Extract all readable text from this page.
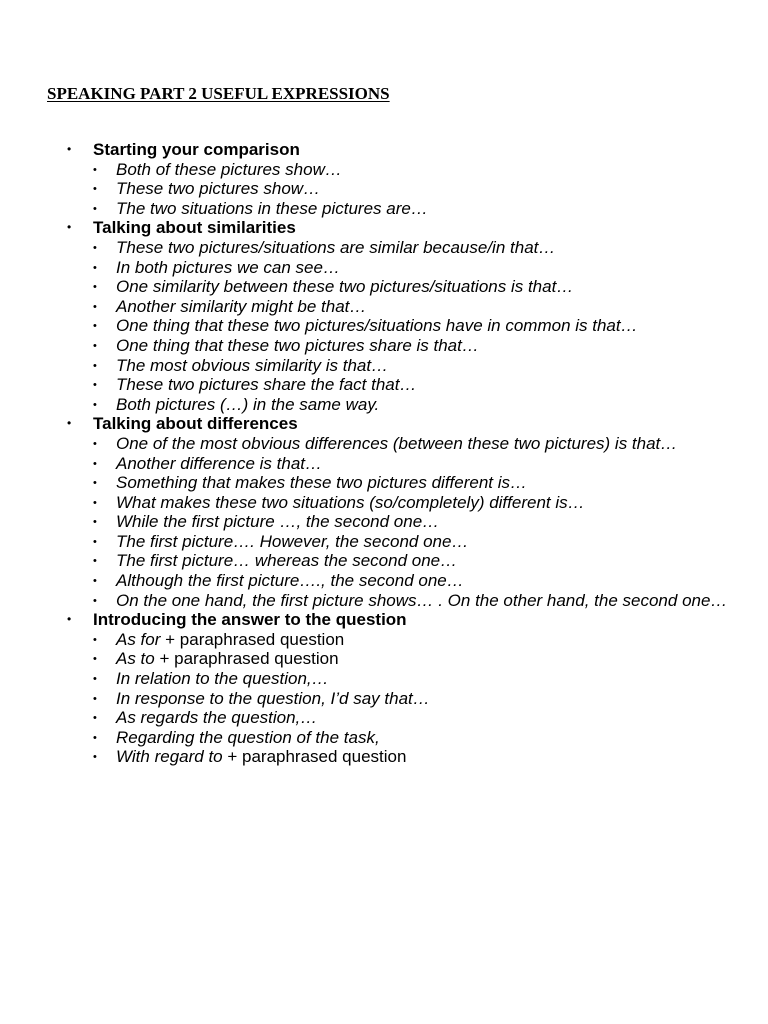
SPEAKING PART 2 USEFUL EXPRESSIONS
• Starting your comparison
• Both of these pictures show…
• These two pictures show…
• The two situations in these pictures are…
• Talking about similarities
• These two pictures/situations are similar because/in that…
• In both pictures we can see…
• One similarity between these two pictures/situations is that…
• Another similarity might be that…
• One thing that these two pictures/situations have in common is that…
• One thing that these two pictures share is that…
• The most obvious similarity is that…
• These two pictures share the fact that…
• Both pictures (…) in the same way.
• Talking about differences
• One of the most obvious differences (between these two pictures) is that…
• Another difference is that…
• Something that makes these two pictures different is…
• What makes these two situations (so/completely) different is…
• While the first picture …, the second one…
• The first picture…. However, the second one…
• The first picture… whereas the second one…
• Although the first picture…., the second one…
• On the one hand, the first picture shows… . On the other hand, the second one…
• Introducing the answer to the question
• As for + paraphrased question
• As to + paraphrased question
• In relation to the question,…
• In response to the question, I’d say that…
• As regards the question,…
• Regarding the question of the task,
• With regard to + paraphrased question
